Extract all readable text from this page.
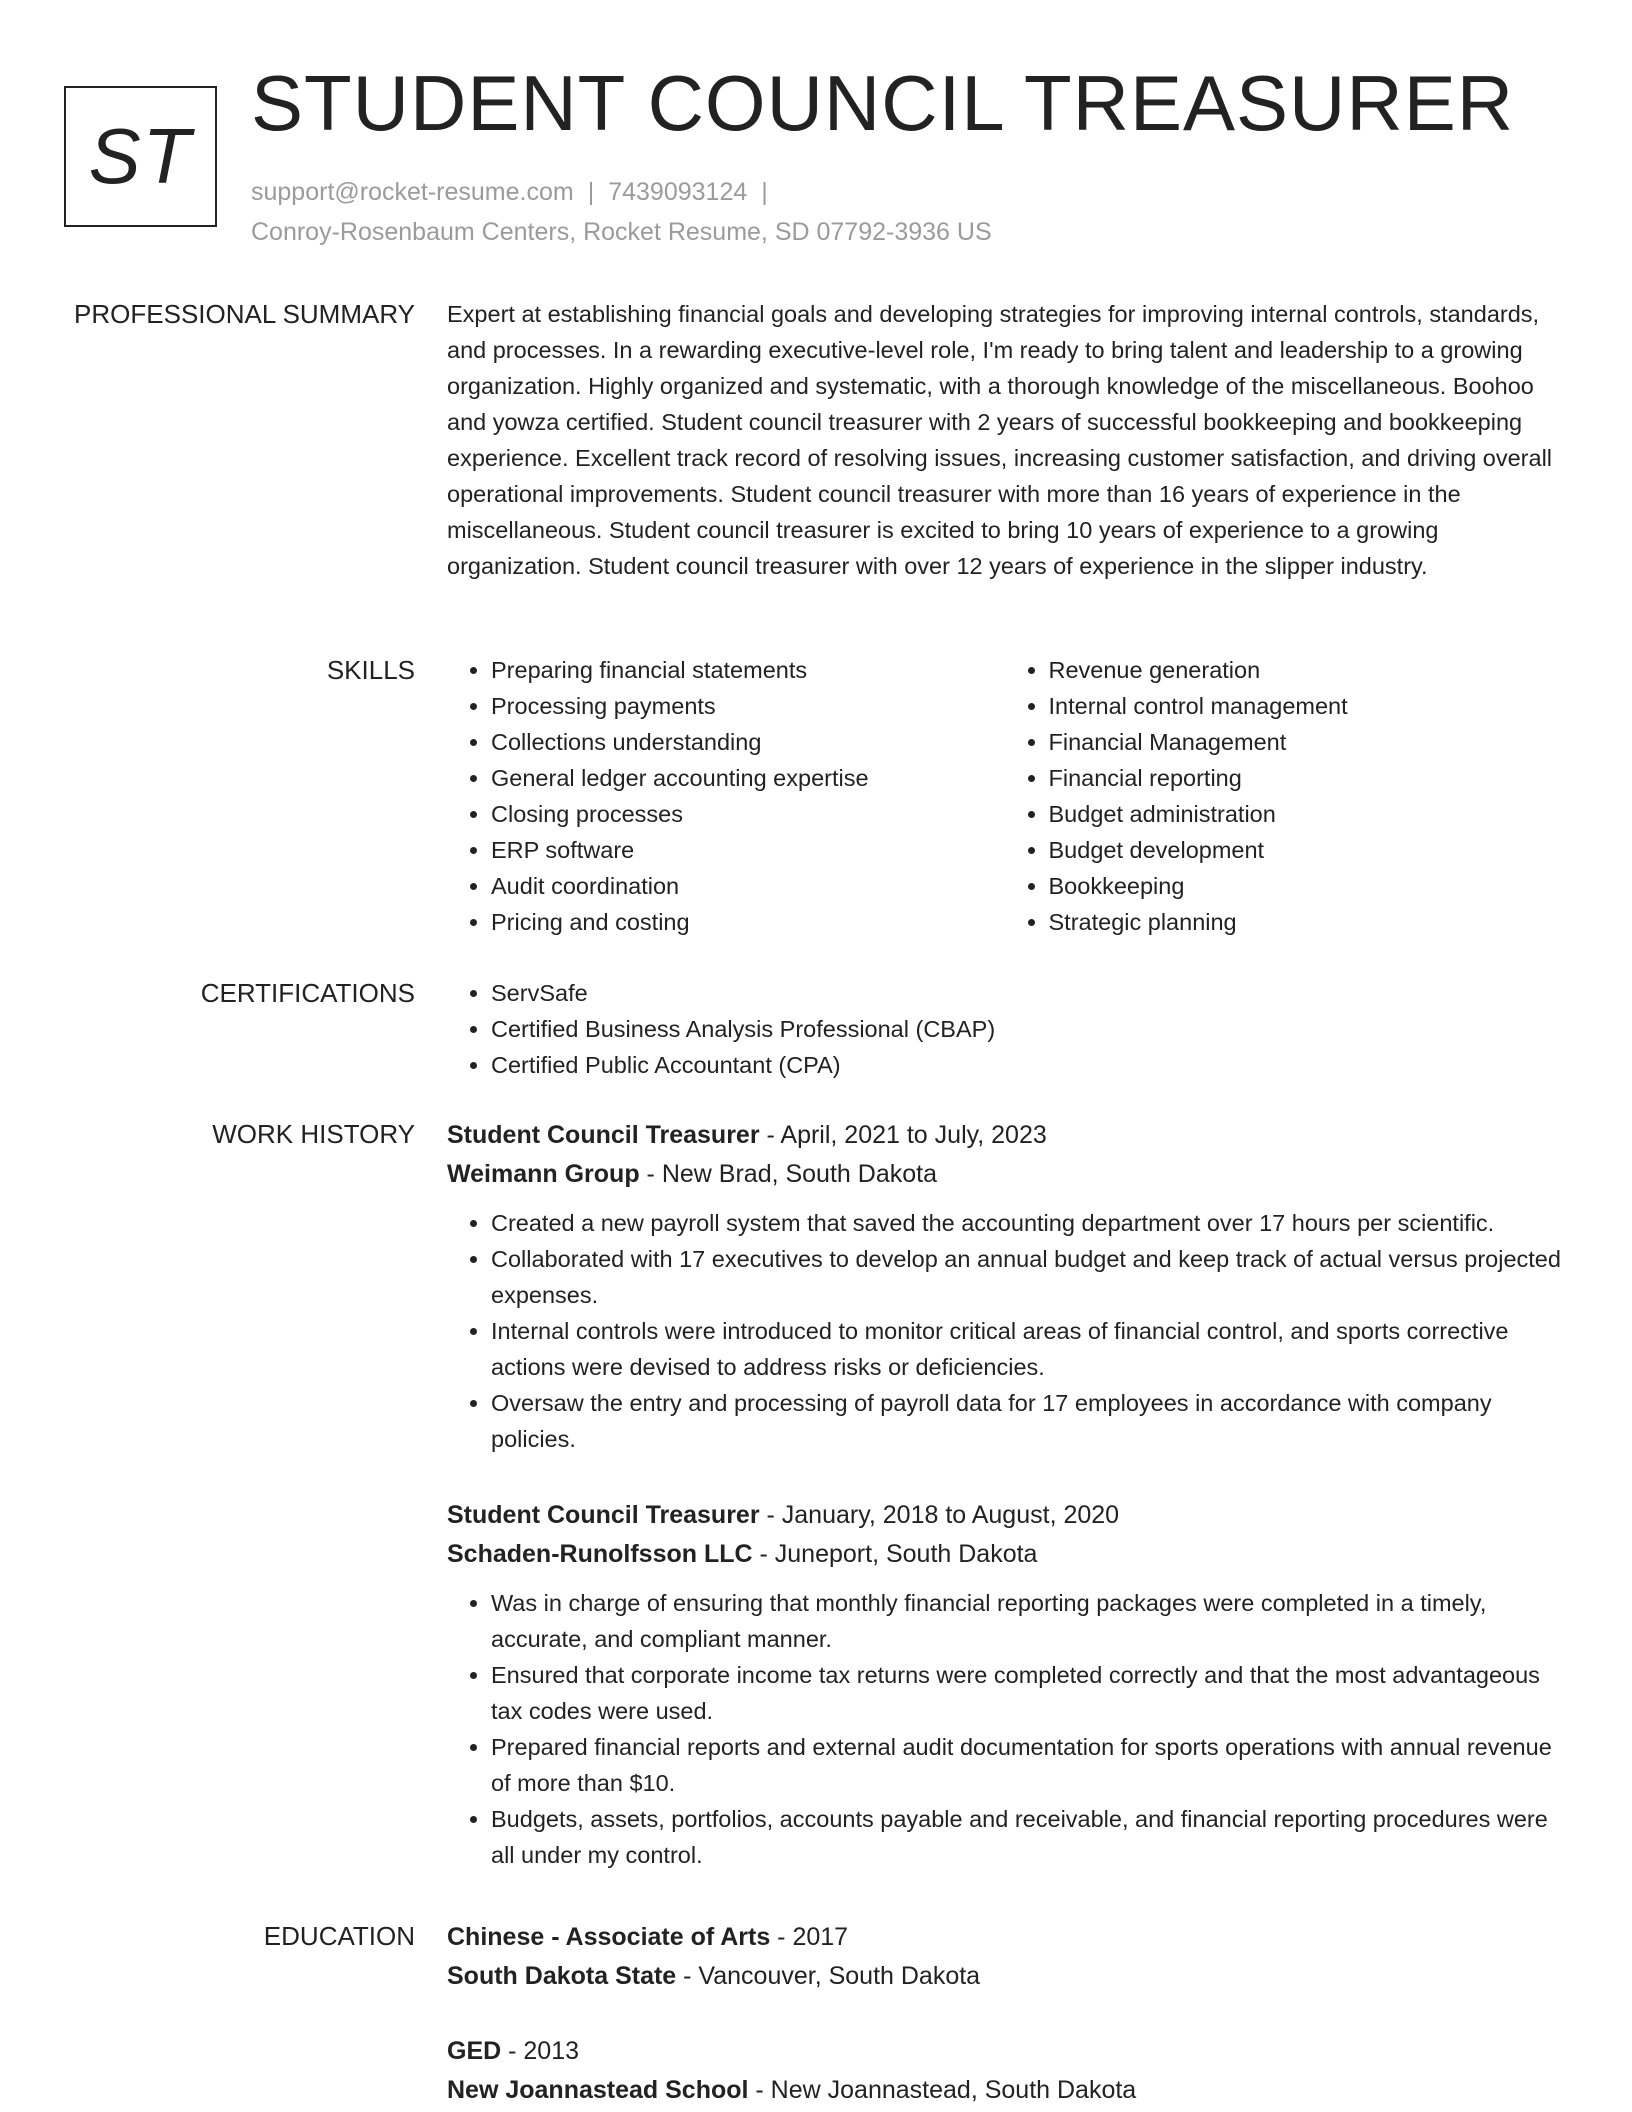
ST
STUDENT COUNCIL TREASURER
support@rocket-resume.com | 7439093124 |
Conroy-Rosenbaum Centers, Rocket Resume, SD 07792-3936 US
PROFESSIONAL SUMMARY Expert at establishing financial goals and developing strategies for improving internal controls, standards, and processes. In a rewarding executive-level role, I'm ready to bring talent and leadership to a growing organization. Highly organized and systematic, with a thorough knowledge of the miscellaneous. Boohoo and yowza certified. Student council treasurer with 2 years of successful bookkeeping and bookkeeping experience. Excellent track record of resolving issues, increasing customer satisfaction, and driving overall operational improvements. Student council treasurer with more than 16 years of experience in the miscellaneous. Student council treasurer is excited to bring 10 years of experience to a growing organization. Student council treasurer with over 12 years of experience in the slipper industry.

SKILLS	• Preparing financial statements
• Processing payments
• Collections understanding
• General ledger accounting expertise
• Closing processes
• ERP software
• Audit coordination
• Pricing and costing
• Revenue generation
• Internal control management
• Financial Management
• Financial reporting
• Budget administration
• Budget development
• Bookkeeping
• Strategic planning
CERTIFICATIONS	• ServSafe
• Certified Business Analysis Professional (CBAP)
• Certified Public Accountant (CPA)
WORK HISTORY Student Council Treasurer - April, 2021 to July, 2023
Weimann Group - New Brad, South Dakota
• Created a new payroll system that saved the accounting department over 17 hours per scientific.
• Collaborated with 17 executives to develop an annual budget and keep track of actual versus projected expenses.
• Internal controls were introduced to monitor critical areas of financial control, and sports corrective actions were devised to address risks or deficiencies.
• Oversaw the entry and processing of payroll data for 17 employees in accordance with company policies.
Student Council Treasurer - January, 2018 to August, 2020
Schaden-Runolfsson LLC - Juneport, South Dakota
• Was in charge of ensuring that monthly financial reporting packages were completed in a timely, accurate, and compliant manner.
• Ensured that corporate income tax returns were completed correctly and that the most advantageous tax codes were used.
• Prepared financial reports and external audit documentation for sports operations with annual revenue of more than $10.
• Budgets, assets, portfolios, accounts payable and receivable, and financial reporting procedures were all under my control.
EDUCATION Chinese - Associate of Arts - 2017
South Dakota State - Vancouver, South Dakota
GED - 2013
New Joannastead School - New Joannastead, South Dakota
